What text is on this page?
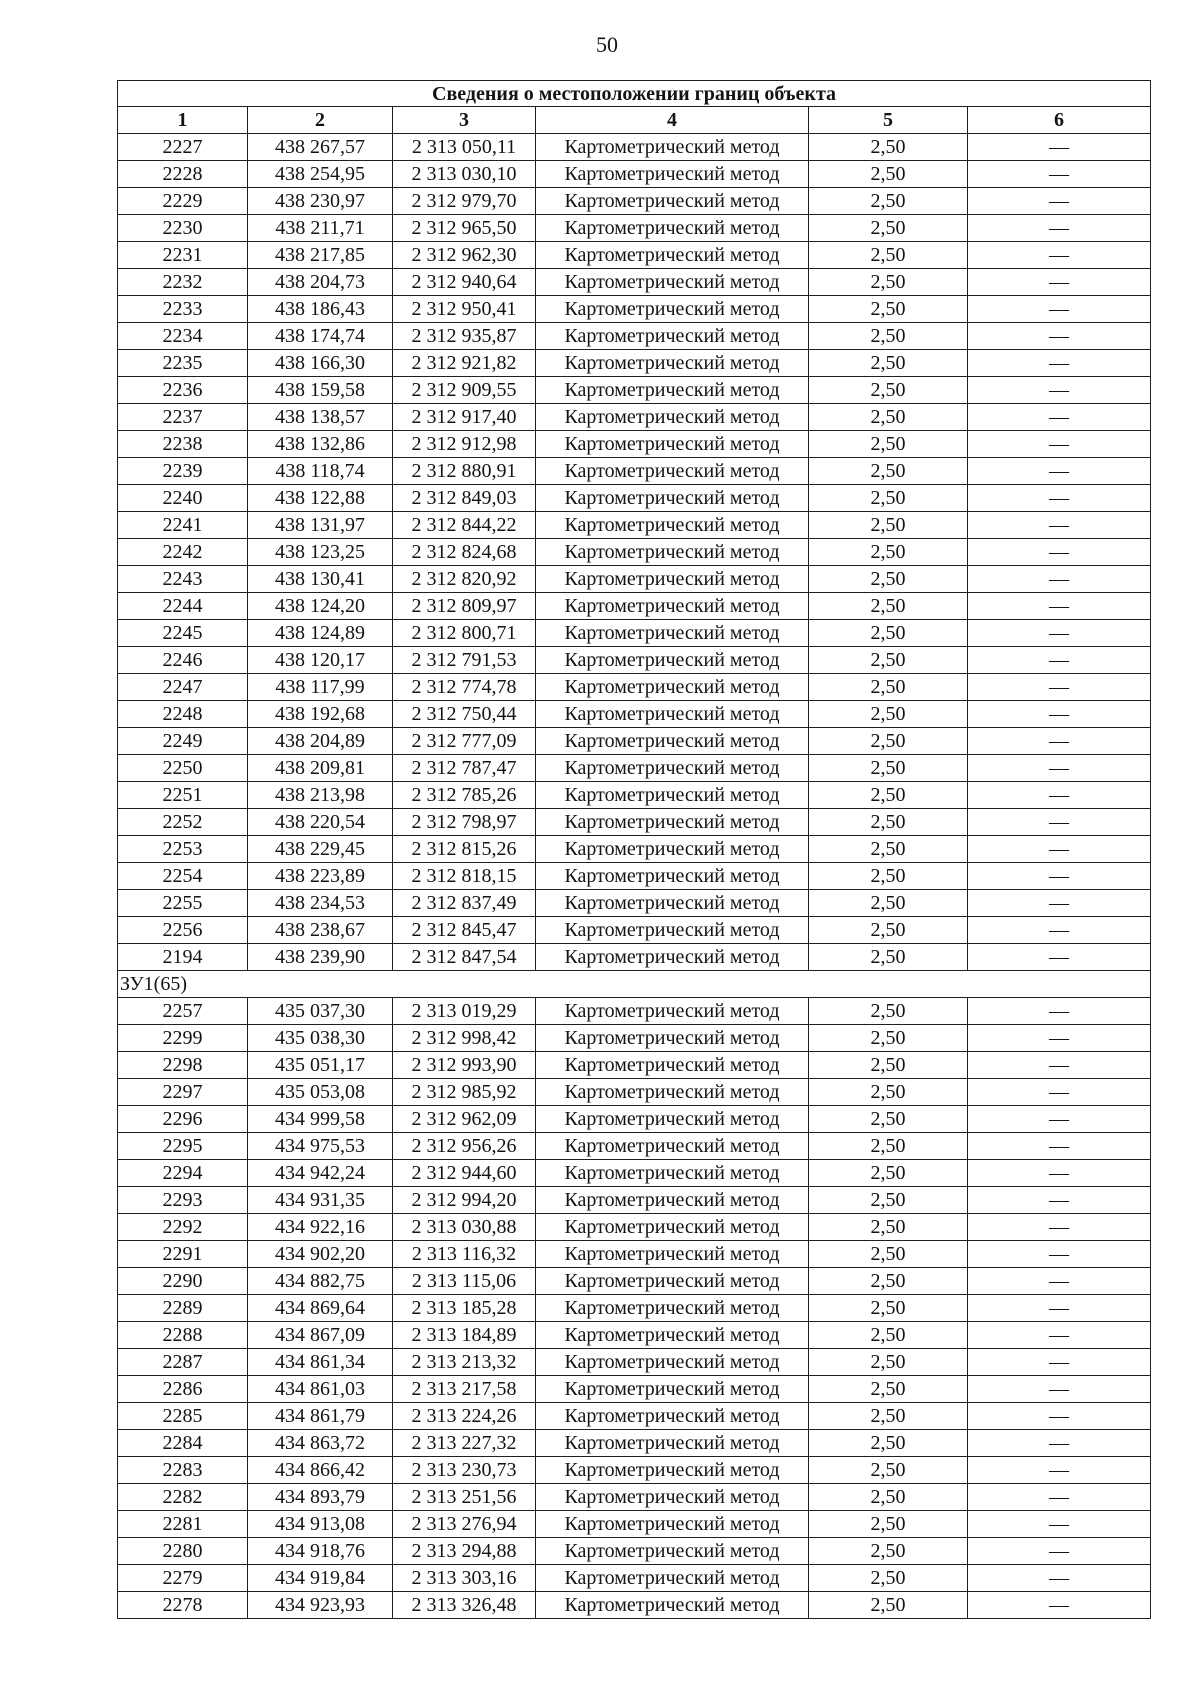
50
Сведения о местоположении границ объекта					
1	2	3	4	5	6
2227	438 267,57	2 313 050,11	Картометрический метод	2,50	—
2228	438 254,95	2 313 030,10	Картометрический метод	2,50	—
2229	438 230,97	2 312 979,70	Картометрический метод	2,50	—
2230	438 211,71	2 312 965,50	Картометрический метод	2,50	—
2231	438 217,85	2 312 962,30	Картометрический метод	2,50	—
2232	438 204,73	2 312 940,64	Картометрический метод	2,50	—
2233	438 186,43	2 312 950,41	Картометрический метод	2,50	—
2234	438 174,74	2 312 935,87	Картометрический метод	2,50	—
2235	438 166,30	2 312 921,82	Картометрический метод	2,50	—
2236	438 159,58	2 312 909,55	Картометрический метод	2,50	—
2237	438 138,57	2 312 917,40	Картометрический метод	2,50	—
2238	438 132,86	2 312 912,98	Картометрический метод	2,50	—
2239	438 118,74	2 312 880,91	Картометрический метод	2,50	—
2240	438 122,88	2 312 849,03	Картометрический метод	2,50	—
2241	438 131,97	2 312 844,22	Картометрический метод	2,50	—
2242	438 123,25	2 312 824,68	Картометрический метод	2,50	—
2243	438 130,41	2 312 820,92	Картометрический метод	2,50	—
2244	438 124,20	2 312 809,97	Картометрический метод	2,50	—
2245	438 124,89	2 312 800,71	Картометрический метод	2,50	—
2246	438 120,17	2 312 791,53	Картометрический метод	2,50	—
2247	438 117,99	2 312 774,78	Картометрический метод	2,50	—
2248	438 192,68	2 312 750,44	Картометрический метод	2,50	—
2249	438 204,89	2 312 777,09	Картометрический метод	2,50	—
2250	438 209,81	2 312 787,47	Картометрический метод	2,50	—
2251	438 213,98	2 312 785,26	Картометрический метод	2,50	—
2252	438 220,54	2 312 798,97	Картометрический метод	2,50	—
2253	438 229,45	2 312 815,26	Картометрический метод	2,50	—
2254	438 223,89	2 312 818,15	Картометрический метод	2,50	—
2255	438 234,53	2 312 837,49	Картометрический метод	2,50	—
2256	438 238,67	2 312 845,47	Картометрический метод	2,50	—
2194	438 239,90	2 312 847,54	Картометрический метод	2,50	—
ЗУ1(65)					
2257	435 037,30	2 313 019,29	Картометрический метод	2,50	—
2299	435 038,30	2 312 998,42	Картометрический метод	2,50	—
2298	435 051,17	2 312 993,90	Картометрический метод	2,50	—
2297	435 053,08	2 312 985,92	Картометрический метод	2,50	—
2296	434 999,58	2 312 962,09	Картометрический метод	2,50	—
2295	434 975,53	2 312 956,26	Картометрический метод	2,50	—
2294	434 942,24	2 312 944,60	Картометрический метод	2,50	—
2293	434 931,35	2 312 994,20	Картометрический метод	2,50	—
2292	434 922,16	2 313 030,88	Картометрический метод	2,50	—
2291	434 902,20	2 313 116,32	Картометрический метод	2,50	—
2290	434 882,75	2 313 115,06	Картометрический метод	2,50	—
2289	434 869,64	2 313 185,28	Картометрический метод	2,50	—
2288	434 867,09	2 313 184,89	Картометрический метод	2,50	—
2287	434 861,34	2 313 213,32	Картометрический метод	2,50	—
2286	434 861,03	2 313 217,58	Картометрический метод	2,50	—
2285	434 861,79	2 313 224,26	Картометрический метод	2,50	—
2284	434 863,72	2 313 227,32	Картометрический метод	2,50	—
2283	434 866,42	2 313 230,73	Картометрический метод	2,50	—
2282	434 893,79	2 313 251,56	Картометрический метод	2,50	—
2281	434 913,08	2 313 276,94	Картометрический метод	2,50	—
2280	434 918,76	2 313 294,88	Картометрический метод	2,50	—
2279	434 919,84	2 313 303,16	Картометрический метод	2,50	—
2278	434 923,93	2 313 326,48	Картометрический метод	2,50	—
